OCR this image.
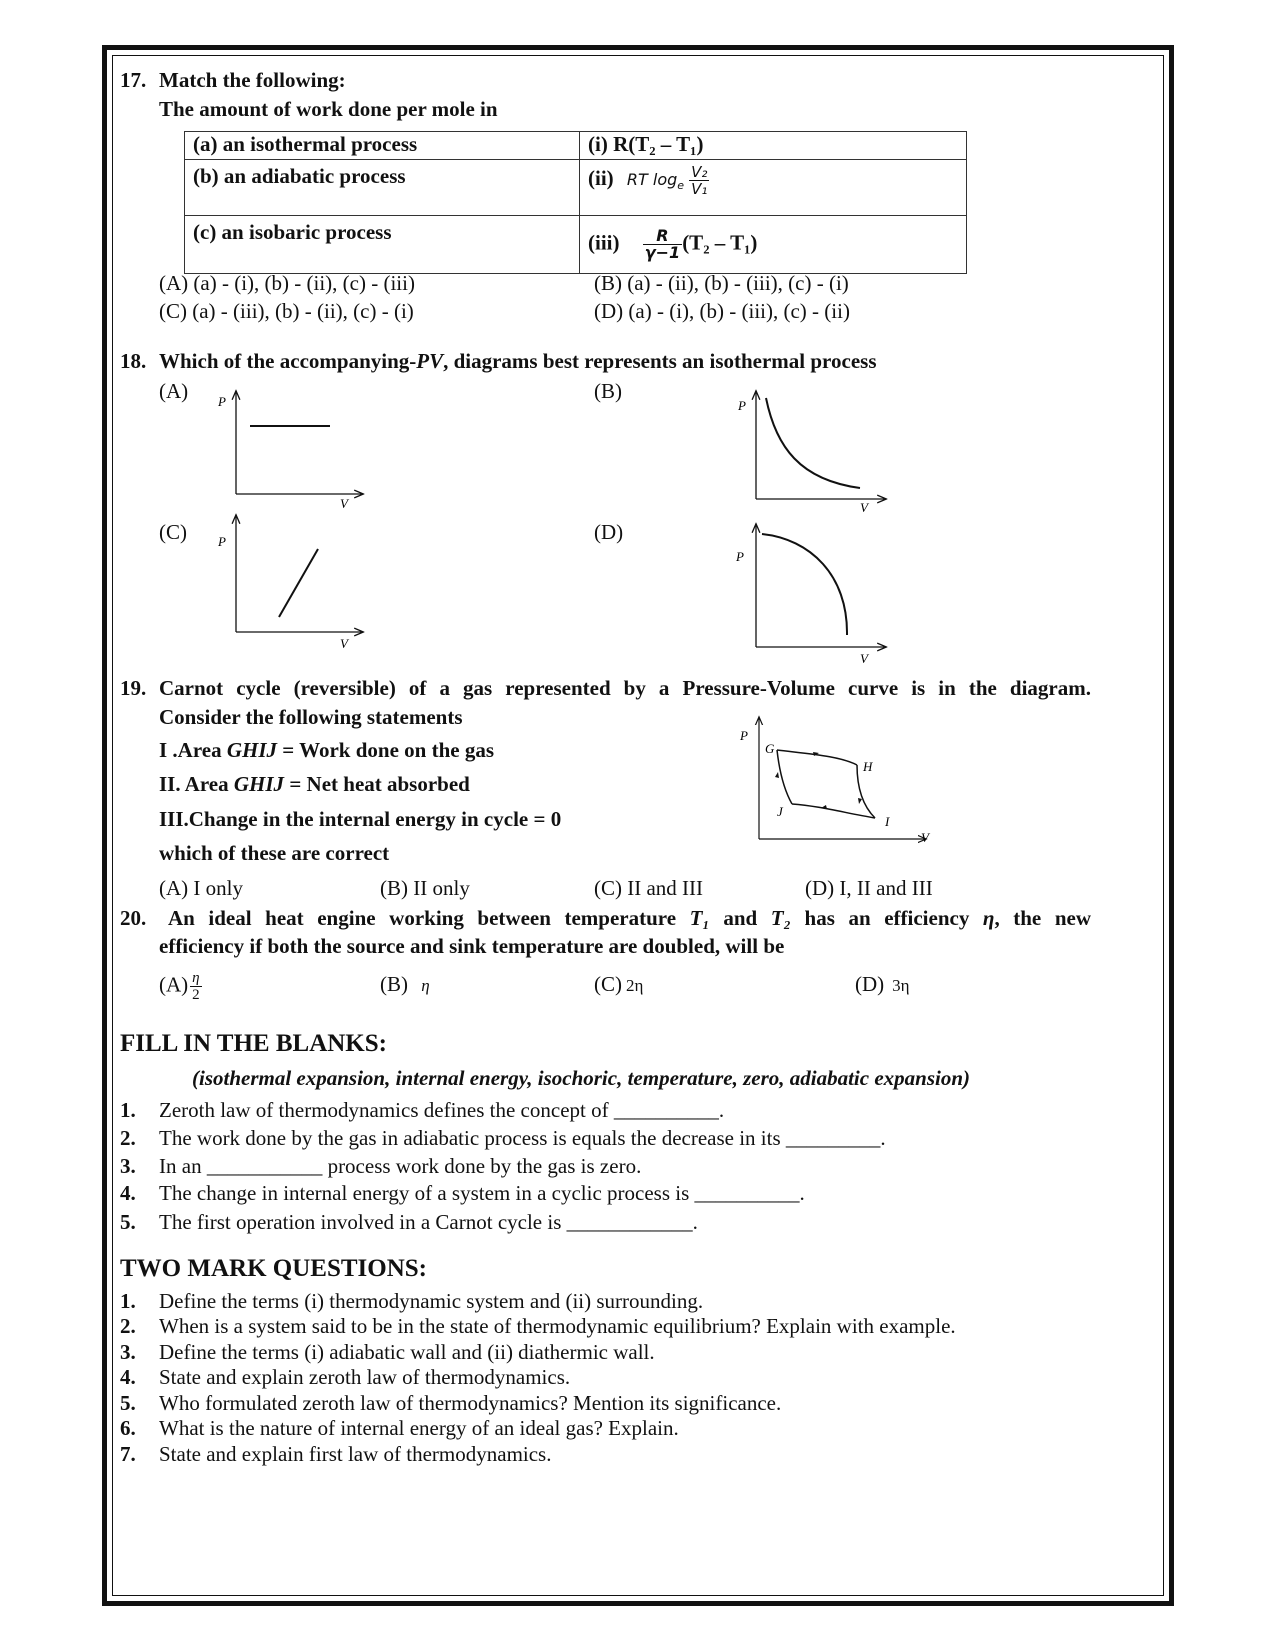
17. Match the following:
The amount of work done per mole in
(a) an isothermal process	(i) R(T₂ – T₁)
(b) an adiabatic process	(ii) RT $\log_e \frac{\text{V₂}}{\text{V₁}}$

(c) an isobaric process	$(iii) \frac{R}{\gamma-1} (T_2 - T_1)$
(A) (a) - (i), (b) - (ii), (c) - (iii)	(B) (a) - (ii), (b) - (iii), (c) - (i)
(C) (a) - (iii), (b) - (ii), (c) - (i)	(D) (a) - (i), (b) - (iii), (c) - (ii)
18. Which of the accompanying-PV, diagrams best represents an isothermal process
(A)	(B)
(C)	(D)
P
V
P
V
P
V
P
V
19. Carnot cycle (reversible) of a gas represented by a Pressure-Volume curve is in the diagram.
Consider the following statements
I .Area GHIJ = Work done on the gas
II. Area GHIJ = Net heat absorbed
III.Change in the internal energy in cycle = 0
which of these are correct
P
G
H
I
J
V
(A) I only	(B) II only	(C) II and III	(D) I, II and III
20. An ideal heat engine working between temperature T₁ and T₂ has an efficiency η, the new
efficiency if both the source and sink temperature are doubled, will be
$(A) \frac{\eta}{2}$	(B) η	(C) 2η	(D) 3η
FILL IN THE BLANKS:
(isothermal expansion, internal energy, isochoric, temperature, zero, adiabatic expansion)
1. Zeroth law of thermodynamics defines the concept of __________.
2. The work done by the gas in adiabatic process is equals the decrease in its _________.
3. In an ___________ process work done by the gas is zero.
4. The change in internal energy of a system in a cyclic process is __________.
5. The first operation involved in a Carnot cycle is ____________.
TWO MARK QUESTIONS:
1. Define the terms (i) thermodynamic system and (ii) surrounding.
2. When is a system said to be in the state of thermodynamic equilibrium? Explain with example.
3. Define the terms (i) adiabatic wall and (ii) diathermic wall.
4. State and explain zeroth law of thermodynamics.
5. Who formulated zeroth law of thermodynamics? Mention its significance.
6. What is the nature of internal energy of an ideal gas? Explain.
7. State and explain first law of thermodynamics.
